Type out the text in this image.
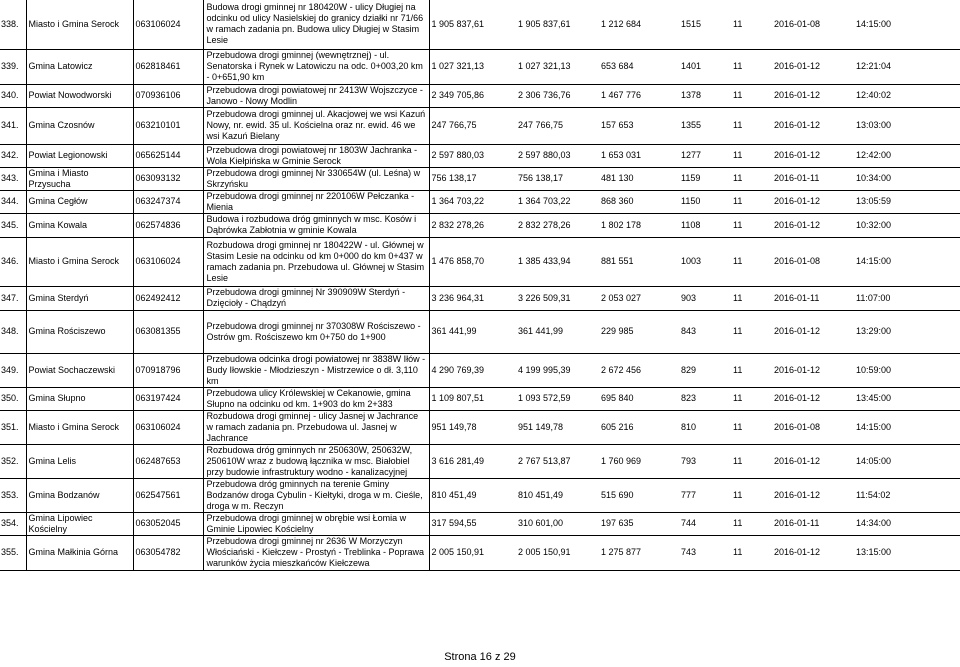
338.	Miasto i Gmina Serock	063106024	Budowa drogi gminnej nr 180420W - ulicy Długiej na odcinku od ulicy Nasielskiej do granicy działki nr 71/66 w ramach zadania pn. Budowa ulicy Długiej w Stasim Lesie	1 905 837,61	1 905 837,61	1 212 684	1515	11	2016-01-08	14:15:00
339.	Gmina Latowicz	062818461	Przebudowa drogi gminnej (wewnętrznej) - ul. Senatorska i Rynek w Latowiczu na odc. 0+003,20 km - 0+651,90 km	1 027 321,13	1 027 321,13	653 684	1401	11	2016-01-12	12:21:04
340.	Powiat Nowodworski	070936106	Przebudowa drogi powiatowej nr 2413W Wojszczyce - Janowo - Nowy Modlin	2 349 705,86	2 306 736,76	1 467 776	1378	11	2016-01-12	12:40:02
341.	Gmina Czosnów	063210101	Przebudowa drogi gminnej ul. Akacjowej we wsi Kazuń Nowy, nr. ewid. 35 ul. Kościelna oraz nr. ewid. 46 we wsi Kazuń Bielany	247 766,75	247 766,75	157 653	1355	11	2016-01-12	13:03:00
342.	Powiat Legionowski	065625144	Przebudowa drogi powiatowej nr 1803W Jachranka - Wola Kiełpińska w Gminie Serock	2 597 880,03	2 597 880,03	1 653 031	1277	11	2016-01-12	12:42:00
343.	Gmina i Miasto Przysucha	063093132	Przebudowa drogi gminnej Nr 330654W (ul. Leśna) w Skrzyńsku	756 138,17	756 138,17	481 130	1159	11	2016-01-11	10:34:00
344.	Gmina Cegłów	063247374	Przebudowa drogi gminnej nr 220106W Pełczanka - Mienia	1 364 703,22	1 364 703,22	868 360	1150	11	2016-01-12	13:05:59
345.	Gmina Kowala	062574836	Budowa i rozbudowa dróg gminnych w msc. Kosów i Dąbrówka Zabłotnia w gminie Kowala	2 832 278,26	2 832 278,26	1 802 178	1108	11	2016-01-12	10:32:00
346.	Miasto i Gmina Serock	063106024	Rozbudowa drogi gminnej nr 180422W - ul. Głównej w Stasim Lesie na odcinku od km 0+000 do km 0+437 w ramach zadania pn. Przebudowa ul. Głównej w Stasim Lesie	1 476 858,70	1 385 433,94	881 551	1003	11	2016-01-08	14:15:00
347.	Gmina Sterdyń	062492412	Przebudowa drogi gminnej Nr 390909W Sterdyń - Dzięcioły - Chądzyń	3 236 964,31	3 226 509,31	2 053 027	903	11	2016-01-11	11:07:00
348.	Gmina Rościszewo	063081355	Przebudowa drogi gminnej nr 370308W Rościszewo - Ostrów gm. Rościszewo km 0+750 do 1+900	361 441,99	361 441,99	229 985	843	11	2016-01-12	13:29:00
349.	Powiat Sochaczewski	070918796	Przebudowa odcinka drogi powiatowej nr 3838W Iłów - Budy Iłowskie - Młodzieszyn - Mistrzewice o dł. 3,110 km	4 290 769,39	4 199 995,39	2 672 456	829	11	2016-01-12	10:59:00
350.	Gmina Słupno	063197424	Przebudowa ulicy Królewskiej w Cekanowie, gmina Słupno na odcinku od km. 1+903 do km 2+383	1 109 807,51	1 093 572,59	695 840	823	11	2016-01-12	13:45:00
351.	Miasto i Gmina Serock	063106024	Rozbudowa drogi gminnej - ulicy Jasnej w Jachrance w ramach zadania pn. Przebudowa ul. Jasnej w Jachrance	951 149,78	951 149,78	605 216	810	11	2016-01-08	14:15:00
352.	Gmina Lelis	062487653	Rozbudowa dróg gminnych nr 250630W, 250632W, 250610W wraz z budową łącznika w msc. Białobiel przy budowie infrastruktury wodno - kanalizacyjnej	3 616 281,49	2 767 513,87	1 760 969	793	11	2016-01-12	14:05:00
353.	Gmina Bodzanów	062547561	Przebudowa dróg gminnych na terenie Gminy Bodzanów droga Cybulin - Kiełtyki, droga w m. Cieśle, droga w m. Reczyn	810 451,49	810 451,49	515 690	777	11	2016-01-12	11:54:02
354.	Gmina Lipowiec Kościelny	063052045	Przebudowa drogi gminnej w obrębie wsi Łomia w Gminie Lipowiec Kościelny	317 594,55	310 601,00	197 635	744	11	2016-01-11	14:34:00
355.	Gmina Małkinia Górna	063054782	Przebudowa drogi gminnej nr 2636 W Morzyczyn Włościański - Kiełczew - Prostyń - Treblinka - Poprawa warunków życia mieszkańców Kiełczewa	2 005 150,91	2 005 150,91	1 275 877	743	11	2016-01-12	13:15:00
Strona 16 z 29
